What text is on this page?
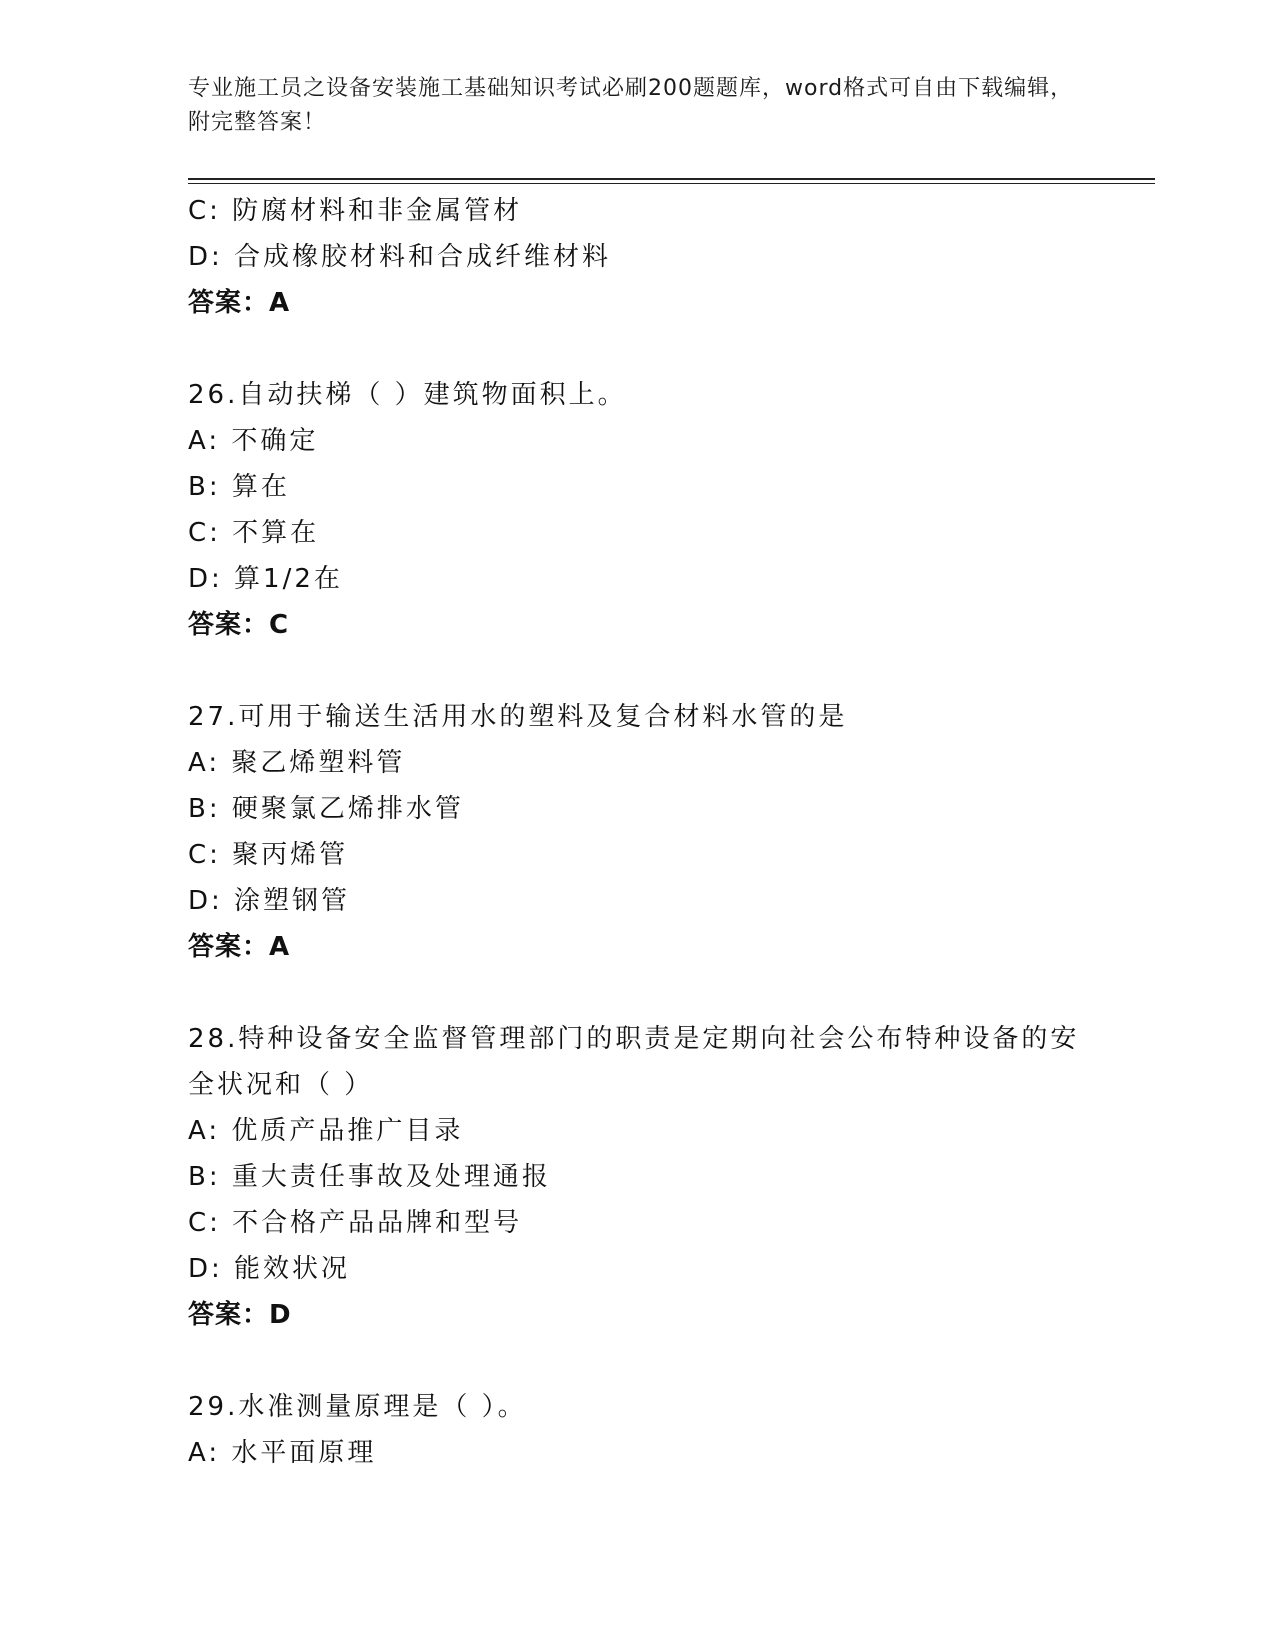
专业施工员之设备安装施工基础知识考试必刷200题题库，word格式可自由下载编辑，附完整答案！
C: 防腐材料和非金属管材
D: 合成橡胶材料和合成纤维材料
答案：A
26.自动扶梯（ ）建筑物面积上。
A: 不确定
B: 算在
C: 不算在
D: 算1/2在
答案：C
27.可用于输送生活用水的塑料及复合材料水管的是
A: 聚乙烯塑料管
B: 硬聚氯乙烯排水管
C: 聚丙烯管
D: 涂塑钢管
答案：A
28.特种设备安全监督管理部门的职责是定期向社会公布特种设备的安全状况和（ ）
A: 优质产品推广目录
B: 重大责任事故及处理通报
C: 不合格产品品牌和型号
D: 能效状况
答案：D
29.水准测量原理是（ ）。
A: 水平面原理
